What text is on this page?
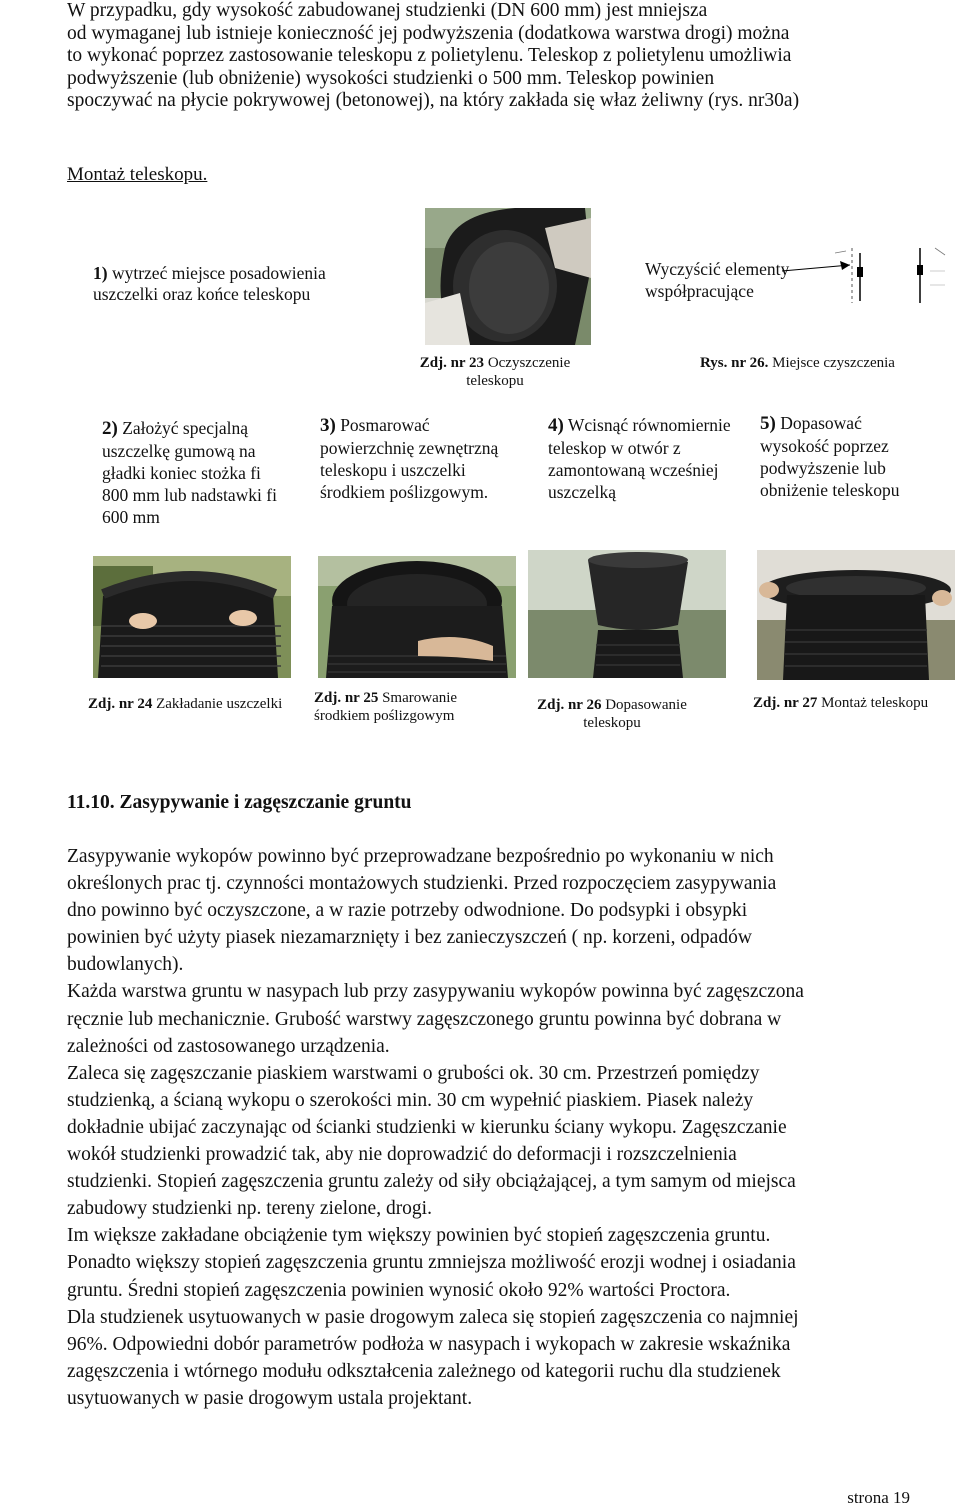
W przypadku, gdy wysokość zabudowanej studzienki (DN 600 mm) jest mniejsza

od wymaganej lub istnieje konieczność jej podwyższenia (dodatkowa warstwa drogi) można

to wykonać poprzez zastosowanie teleskopu z polietylenu. Teleskop z polietylenu umożliwia

podwyższenie (lub obniżenie) wysokości studzienki o 500 mm. Teleskop powinien

spoczywać na płycie pokrywowej (betonowej), na który zakłada się właz żeliwny (rys. nr30a)

Montaż teleskopu.
1) wytrzeć miejsce posadowienia uszczelki oraz końce teleskopu
Zdj. nr 23 Oczyszczenie teleskopu
Wyczyścić elementy współpracujące
Rys. nr 26. Miejsce czyszczenia
2) Założyć specjalną uszczelkę gumową na gładki koniec stożka fi 800 mm lub nadstawki fi 600 mm
3) Posmarować powierzchnię zewnętrzną teleskopu i uszczelki środkiem poślizgowym.
4) Wcisnąć równomiernie teleskop w otwór z zamontowaną wcześniej uszczelką
5) Dopasować wysokość poprzez podwyższenie lub obniżenie teleskopu
Zdj. nr 24 Zakładanie uszczelki	Zdj. nr 25 Smarowanie środkiem poślizgowym
Zdj. nr 26 Dopasowanie teleskopu
Zdj. nr 27 Montaż teleskopu
11.10. Zasypywanie i zagęszczanie gruntu

Zasypywanie wykopów powinno być przeprowadzane bezpośrednio po wykonaniu w nich

określonych prac tj. czynności montażowych studzienki. Przed rozpoczęciem zasypywania

dno powinno być oczyszczone, a w razie potrzeby odwodnione. Do podsypki i obsypki

powinien być użyty piasek niezamarznięty i bez zanieczyszczeń ( np. korzeni, odpadów

budowlanych).

Każda warstwa gruntu w nasypach lub przy zasypywaniu wykopów powinna być zagęszczona

ręcznie lub mechanicznie. Grubość warstwy zagęszczonego gruntu powinna być dobrana w

zależności od zastosowanego urządzenia.

Zaleca się zagęszczanie piaskiem warstwami o grubości ok. 30 cm. Przestrzeń pomiędzy

studzienką, a ścianą wykopu o szerokości min. 30 cm wypełnić piaskiem. Piasek należy

dokładnie ubijać zaczynając od ścianki studzienki w kierunku ściany wykopu. Zagęszczanie

wokół studzienki prowadzić tak, aby nie doprowadzić do deformacji i rozszczelnienia

studzienki. Stopień zagęszczenia gruntu zależy od siły obciążającej, a tym samym od miejsca

zabudowy studzienki np. tereny zielone, drogi.

Im większe zakładane obciążenie tym większy powinien być stopień zagęszczenia gruntu.

Ponadto większy stopień zagęszczenia gruntu zmniejsza możliwość erozji wodnej i osiadania

gruntu. Średni stopień zagęszczenia powinien wynosić około 92% wartości Proctora.

Dla studzienek usytuowanych w pasie drogowym zaleca się stopień zagęszczenia co najmniej

96%. Odpowiedni dobór parametrów podłoża w nasypach i wykopach w zakresie wskaźnika

zagęszczenia i wtórnego modułu odkształcenia zależnego od kategorii ruchu dla studzienek

usytuowanych w pasie drogowym ustala projektant.

strona 19
